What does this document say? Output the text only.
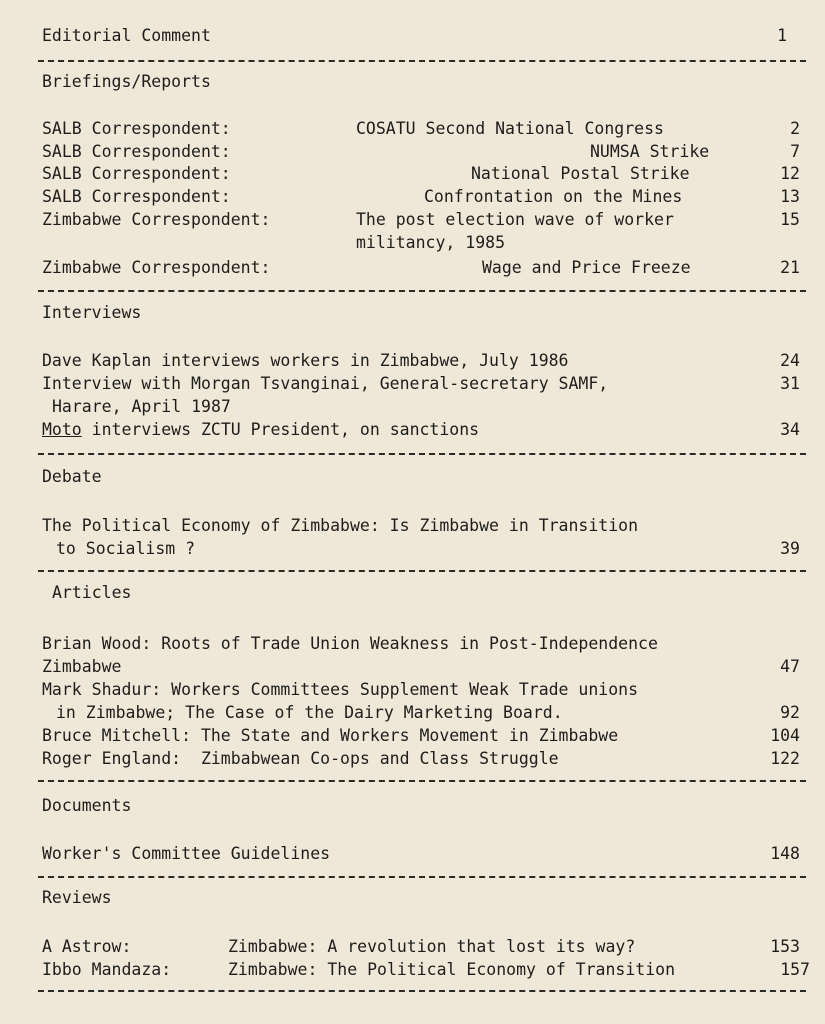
Editorial Comment	1
Briefings/Reports
SALB Correspondent:	COSATU Second National Congress	2
SALB Correspondent:	NUMSA Strike	7
SALB Correspondent:	National Postal Strike	12
SALB Correspondent:	Confrontation on the Mines	13
Zimbabwe Correspondent:	The post election wave of worker	15
militancy, 1985
Zimbabwe Correspondent:	Wage and Price Freeze	21
Interviews
Dave Kaplan interviews workers in Zimbabwe, July 1986	24
Interview with Morgan Tsvanginai, General-secretary SAMF,	31
Harare, April 1987
Moto interviews ZCTU President, on sanctions	34
Debate
The Political Economy of Zimbabwe: Is Zimbabwe in Transition
to Socialism ?	39
Articles
Brian Wood: Roots of Trade Union Weakness in Post-Independence
Zimbabwe	47
Mark Shadur: Workers Committees Supplement Weak Trade unions
in Zimbabwe; The Case of the Dairy Marketing Board.	92
Bruce Mitchell: The State and Workers Movement in Zimbabwe	104
Roger England:  Zimbabwean Co-ops and Class Struggle	122
Documents
Worker's Committee Guidelines	148
Reviews
A Astrow:	Zimbabwe: A revolution that lost its way?	153
Ibbo Mandaza:	Zimbabwe: The Political Economy of Transition	157
